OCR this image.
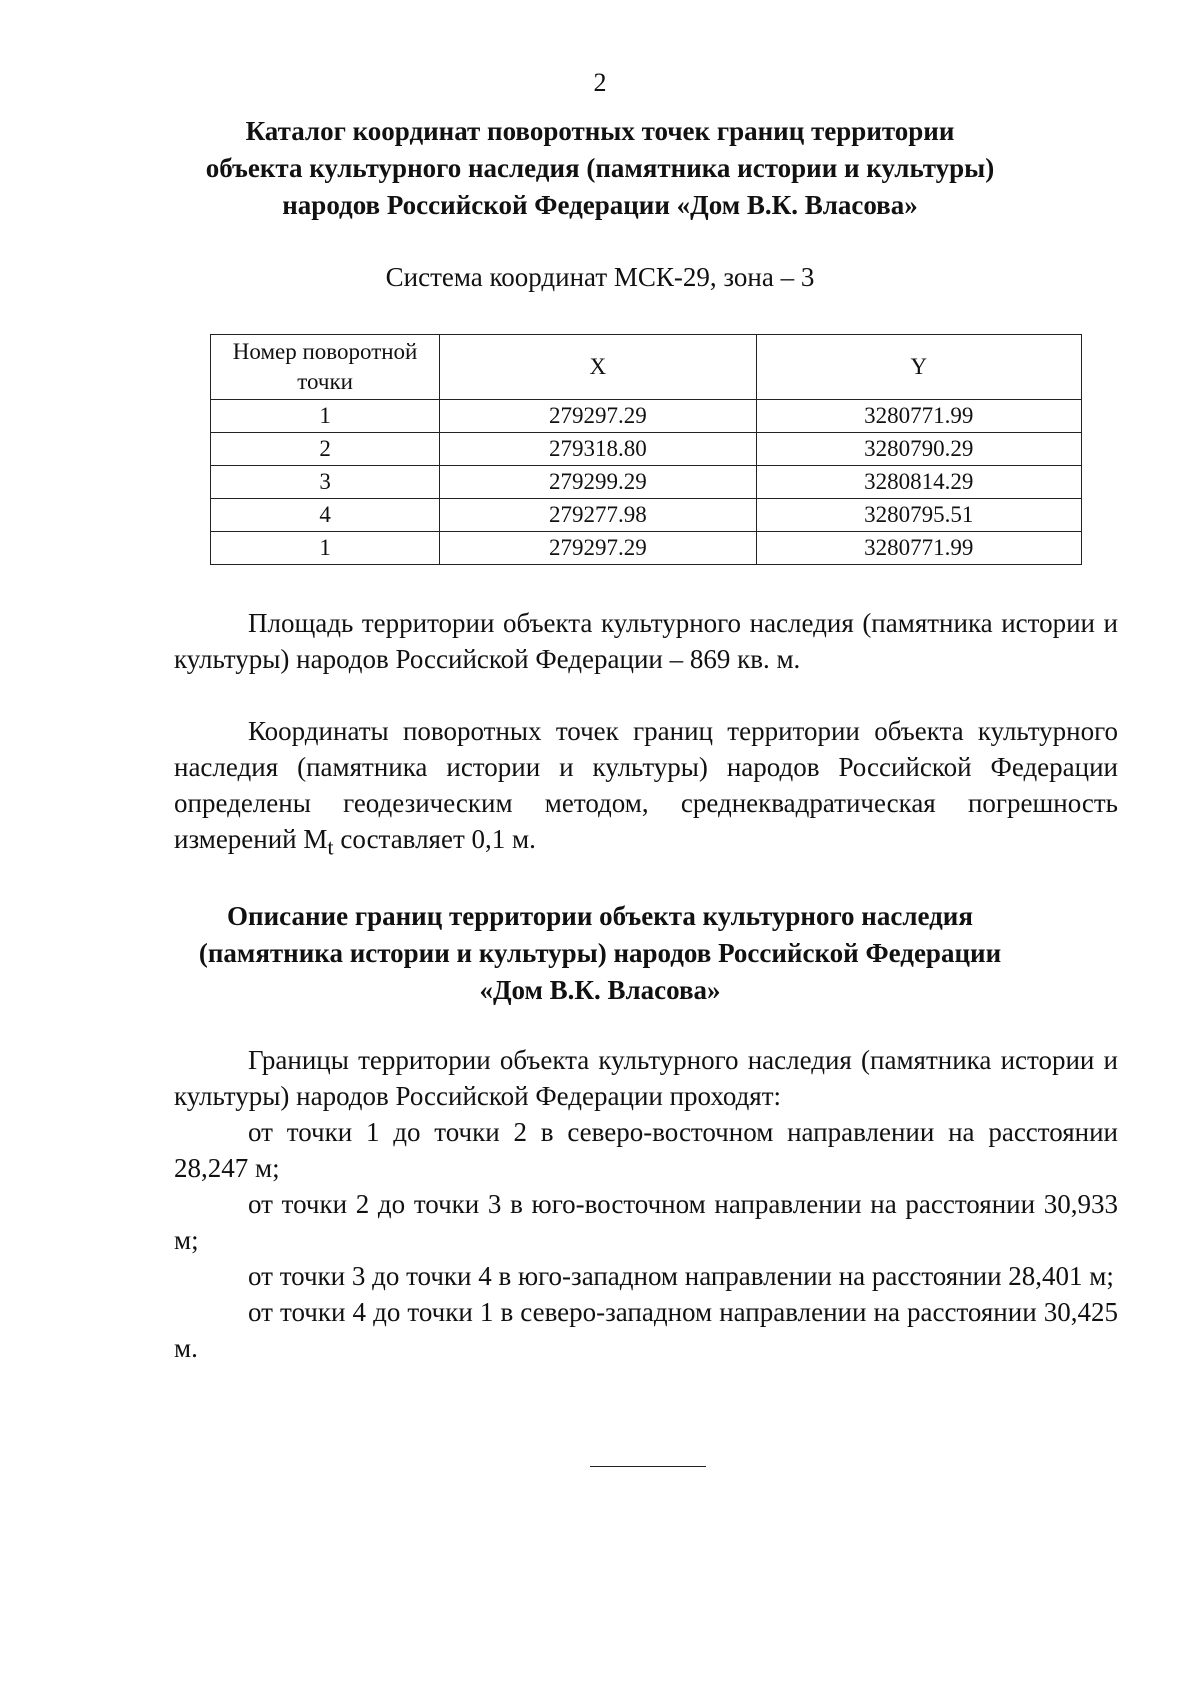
2
Каталог координат поворотных точек границ территории
объекта культурного наследия (памятника истории и культуры)
народов Российской Федерации «Дом В.К. Власова»
Система координат МСК-29, зона – 3
Номер поворотной
точки	X	Y
1	279297.29	3280771.99
2	279318.80	3280790.29
3	279299.29	3280814.29
4	279277.98	3280795.51
1	279297.29	3280771.99

Площадь территории объекта культурного наследия (памятника истории и культуры) народов Российской Федерации – 869 кв. м.

Координаты поворотных точек границ территории объекта культурного наследия (памятника истории и культуры) народов Российской Федерации определены геодезическим методом, среднеквадратическая погрешность измерений $M_t$ составляет 0,1 м.

Описание границ территории объекта культурного наследия
(памятника истории и культуры) народов Российской Федерации
«Дом В.К. Власова»

Границы территории объекта культурного наследия (памятника истории и культуры) народов Российской Федерации проходят:

от точки 1 до точки 2 в северо-восточном направлении на расстоянии 28,247 м;

от точки 2 до точки 3 в юго-восточном направлении на расстоянии 30,933 м;

от точки 3 до точки 4 в юго-западном направлении на расстоянии 28,401 м;

от точки 4 до точки 1 в северо-западном направлении на расстоянии 30,425 м.
